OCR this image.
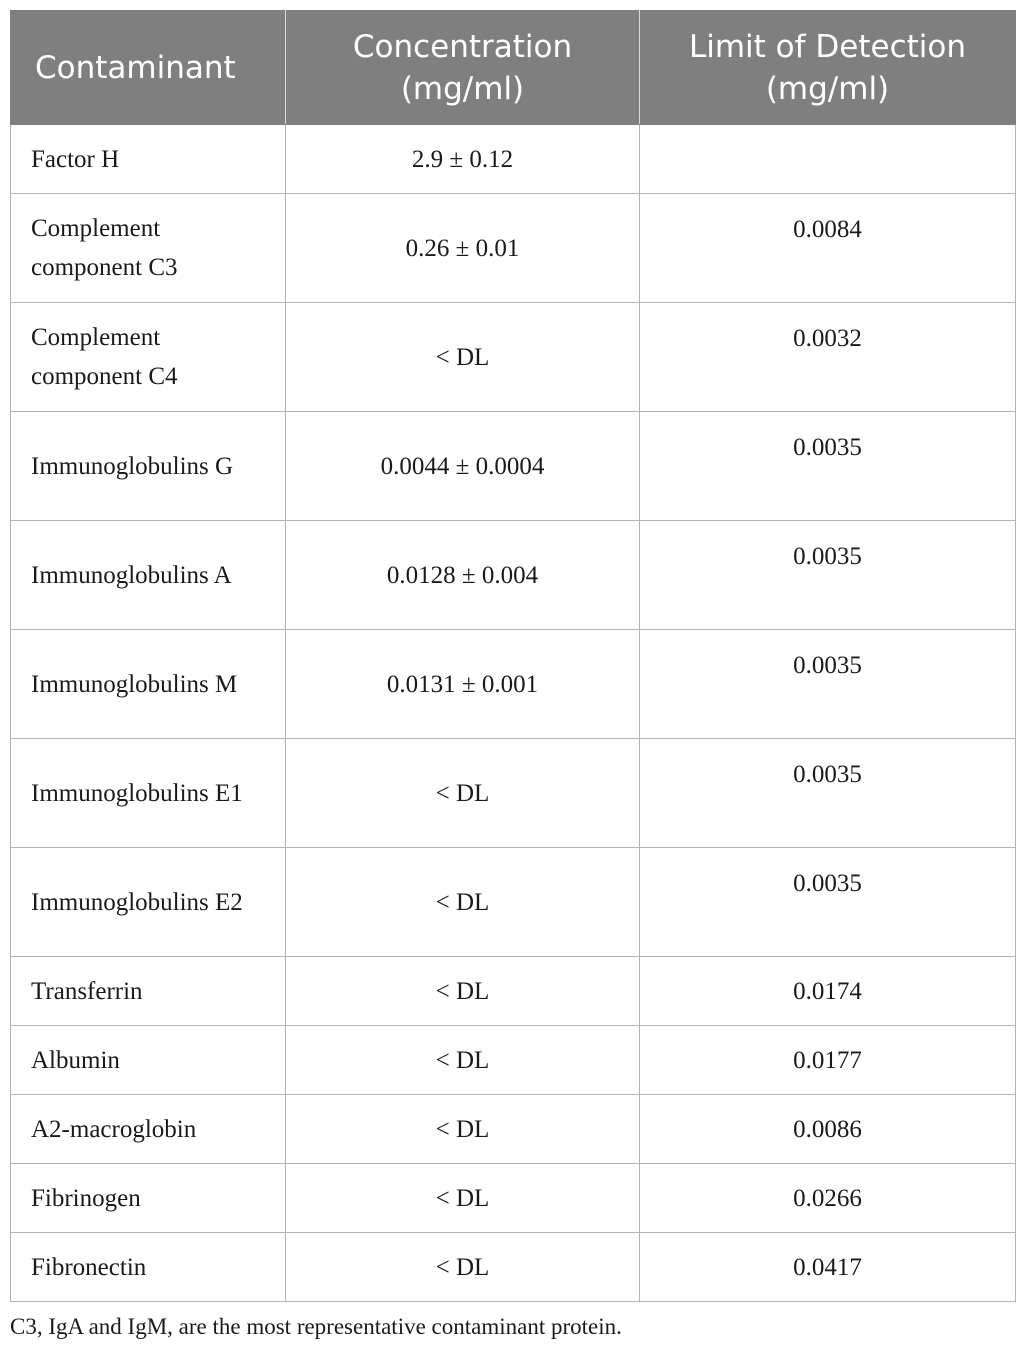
Contaminant	Concentration (mg/ml)	Limit of Detection (mg/ml)
Factor H	2.9 ± 0.12	
Complement component C3	0.26 ± 0.01	0.0084
Complement component C4	< DL	0.0032
Immunoglobulins G	0.0044 ± 0.0004	0.0035
Immunoglobulins A	0.0128 ± 0.004	0.0035
Immunoglobulins M	0.0131 ± 0.001	0.0035
Immunoglobulins E1	< DL	0.0035
Immunoglobulins E2	< DL	0.0035
Transferrin	< DL	0.0174
Albumin	< DL	0.0177
A2-macroglobin	< DL	0.0086
Fibrinogen	< DL	0.0266
Fibronectin	< DL	0.0417
C3, IgA and IgM, are the most representative contaminant protein.
